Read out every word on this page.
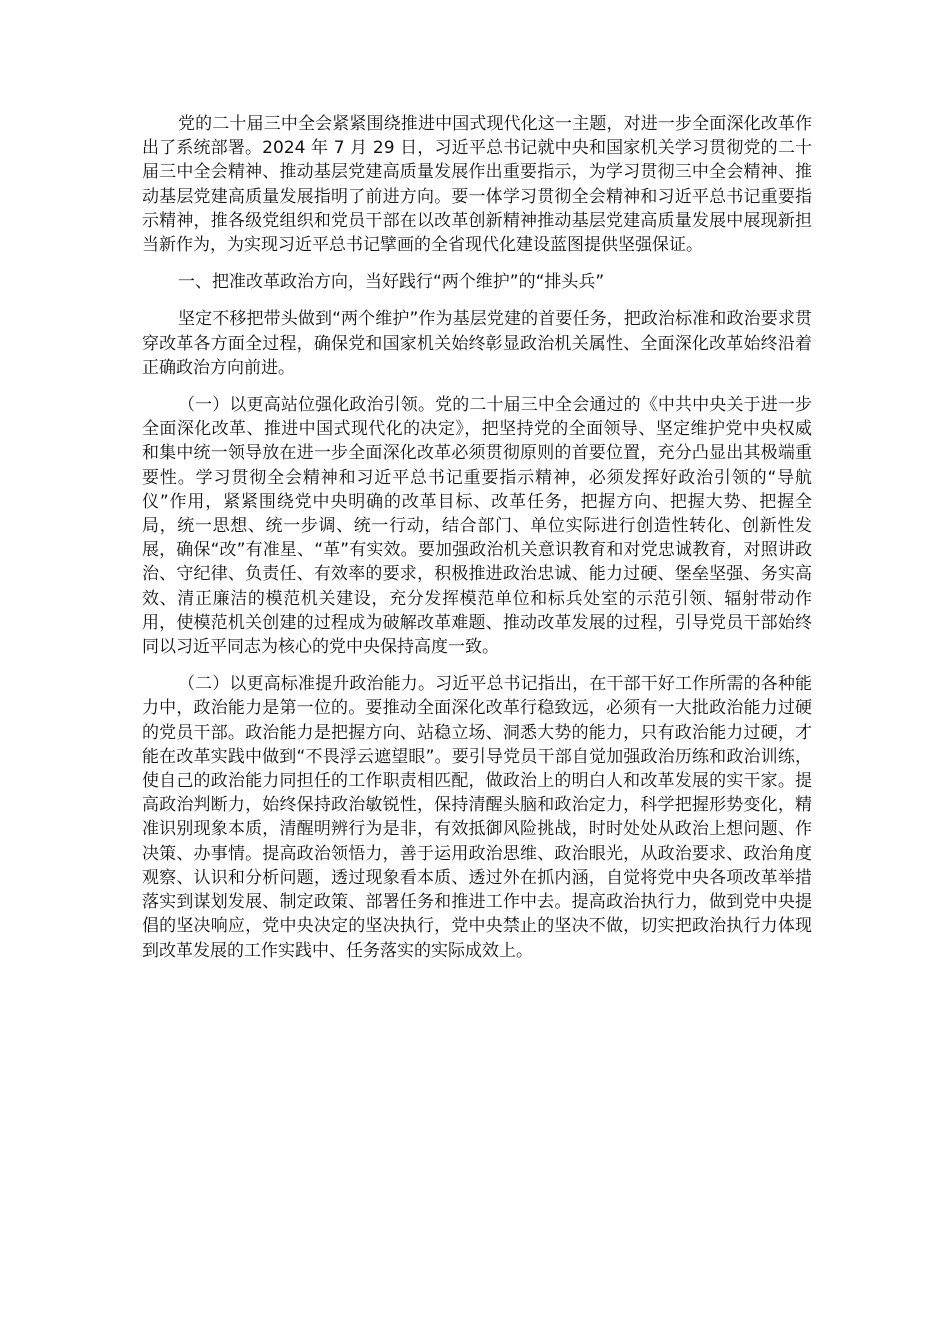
党的二十届三中全会紧紧围绕推进中国式现代化这一主题，对进一步全面深化改革作出了系统部署。2024 年 7 月 29 日，习近平总书记就中央和国家机关学习贯彻党的二十届三中全会精神、推动基层党建高质量发展作出重要指示，为学习贯彻三中全会精神、推动基层党建高质量发展指明了前进方向。要一体学习贯彻全会精神和习近平总书记重要指示精神，推各级党组织和党员干部在以改革创新精神推动基层党建高质量发展中展现新担当新作为，为实现习近平总书记擘画的全省现代化建设蓝图提供坚强保证。

一、把准改革政治方向，当好践行“两个维护”的“排头兵”

坚定不移把带头做到“两个维护”作为基层党建的首要任务，把政治标准和政治要求贯穿改革各方面全过程，确保党和国家机关始终彰显政治机关属性、全面深化改革始终沿着正确政治方向前进。

（一）以更高站位强化政治引领。党的二十届三中全会通过的《中共中央关于进一步全面深化改革、推进中国式现代化的决定》，把坚持党的全面领导、坚定维护党中央权威和集中统一领导放在进一步全面深化改革必须贯彻原则的首要位置，充分凸显出其极端重要性。学习贯彻全会精神和习近平总书记重要指示精神，必须发挥好政治引领的“导航仪”作用，紧紧围绕党中央明确的改革目标、改革任务，把握方向、把握大势、把握全局，统一思想、统一步调、统一行动，结合部门、单位实际进行创造性转化、创新性发展，确保“改”有准星、“革”有实效。要加强政治机关意识教育和对党忠诚教育，对照讲政治、守纪律、负责任、有效率的要求，积极推进政治忠诚、能力过硬、堡垒坚强、务实高效、清正廉洁的模范机关建设，充分发挥模范单位和标兵处室的示范引领、辐射带动作用，使模范机关创建的过程成为破解改革难题、推动改革发展的过程，引导党员干部始终同以习近平同志为核心的党中央保持高度一致。

（二）以更高标准提升政治能力。习近平总书记指出，在干部干好工作所需的各种能力中，政治能力是第一位的。要推动全面深化改革行稳致远，必须有一大批政治能力过硬的党员干部。政治能力是把握方向、站稳立场、洞悉大势的能力，只有政治能力过硬，才能在改革实践中做到“不畏浮云遮望眼”。要引导党员干部自觉加强政治历练和政治训练，使自己的政治能力同担任的工作职责相匹配，做政治上的明白人和改革发展的实干家。提高政治判断力，始终保持政治敏锐性，保持清醒头脑和政治定力，科学把握形势变化，精准识别现象本质，清醒明辨行为是非，有效抵御风险挑战，时时处处从政治上想问题、作决策、办事情。提高政治领悟力，善于运用政治思维、政治眼光，从政治要求、政治角度观察、认识和分析问题，透过现象看本质、透过外在抓内涵，自觉将党中央各项改革举措落实到谋划发展、制定政策、部署任务和推进工作中去。提高政治执行力，做到党中央提倡的坚决响应，党中央决定的坚决执行，党中央禁止的坚决不做，切实把政治执行力体现到改革发展的工作实践中、任务落实的实际成效上。
